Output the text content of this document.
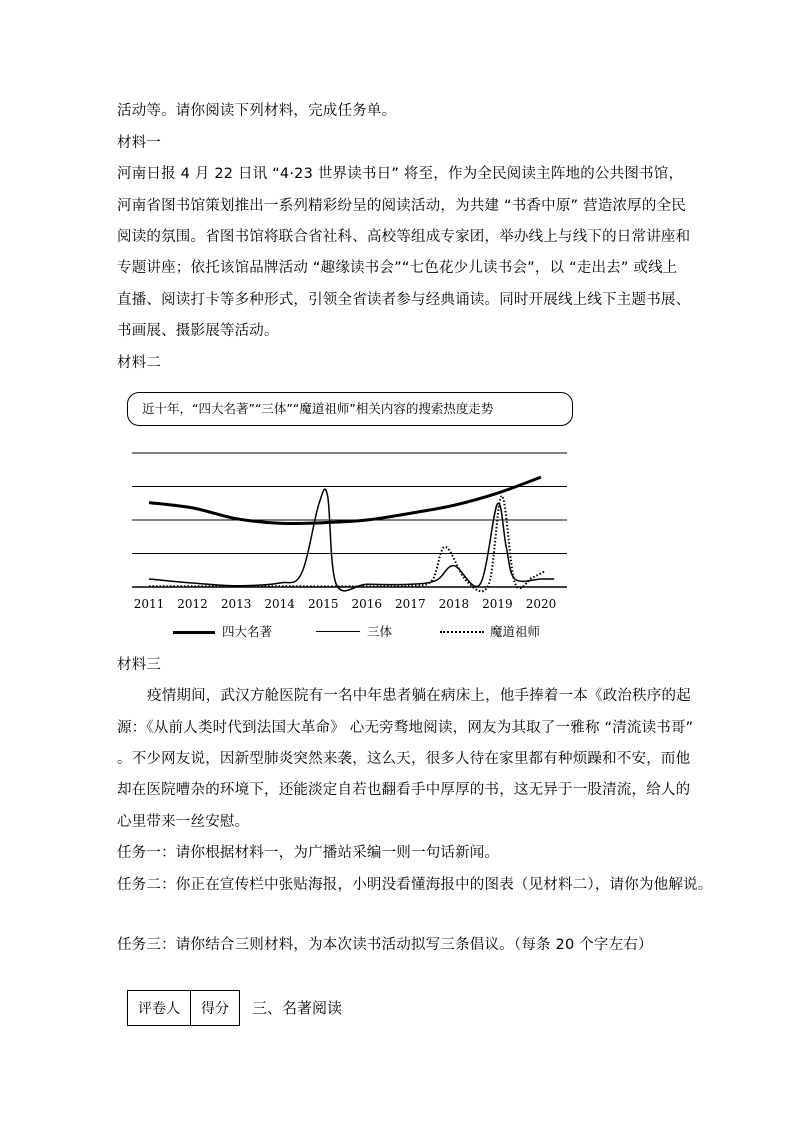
活动等。请你阅读下列材料，完成任务单。
材料一
河南日报 4 月 22 日讯 “4·23 世界读书日” 将至，作为全民阅读主阵地的公共图书馆，
河南省图书馆策划推出一系列精彩纷呈的阅读活动，为共建 “书香中原” 营造浓厚的全民
阅读的氛围。省图书馆将联合省社科、高校等组成专家团，举办线上与线下的日常讲座和
专题讲座；依托该馆品牌活动 “趣缘读书会”“七色花少儿读书会”，以 “走出去” 或线上
直播、阅读打卡等多种形式，引领全省读者参与经典诵读。同时开展线上线下主题书展、
书画展、摄影展等活动。
材料二
近十年，“四大名著”“三体”“魔道祖师”相关内容的搜索热度走势
2011 2012 2013 2014 2015 2016 2017 2018 2019 2020
四大名著	三体	魔道祖师
材料三
疫情期间，武汉方舱医院有一名中年患者躺在病床上，他手捧着一本《政治秩序的起
源：《从前人类时代到法国大革命》 心无旁骛地阅读，网友为其取了一雅称 “清流读书哥”
。不少网友说，因新型肺炎突然来袭，这么天，很多人待在家里都有种烦躁和不安，而他
却在医院嘈杂的环境下，还能淡定自若也翻看手中厚厚的书，这无异于一股清流，给人的
心里带来一丝安慰。
任务一：请你根据材料一，为广播站采编一则一句话新闻。
任务二：你正在宣传栏中张贴海报，小明没看懂海报中的图表（见材料二），请你为他解说。
任务三：请你结合三则材料，为本次读书活动拟写三条倡议。（每条 20 个字左右）
评卷人	得分 三、名著阅读
